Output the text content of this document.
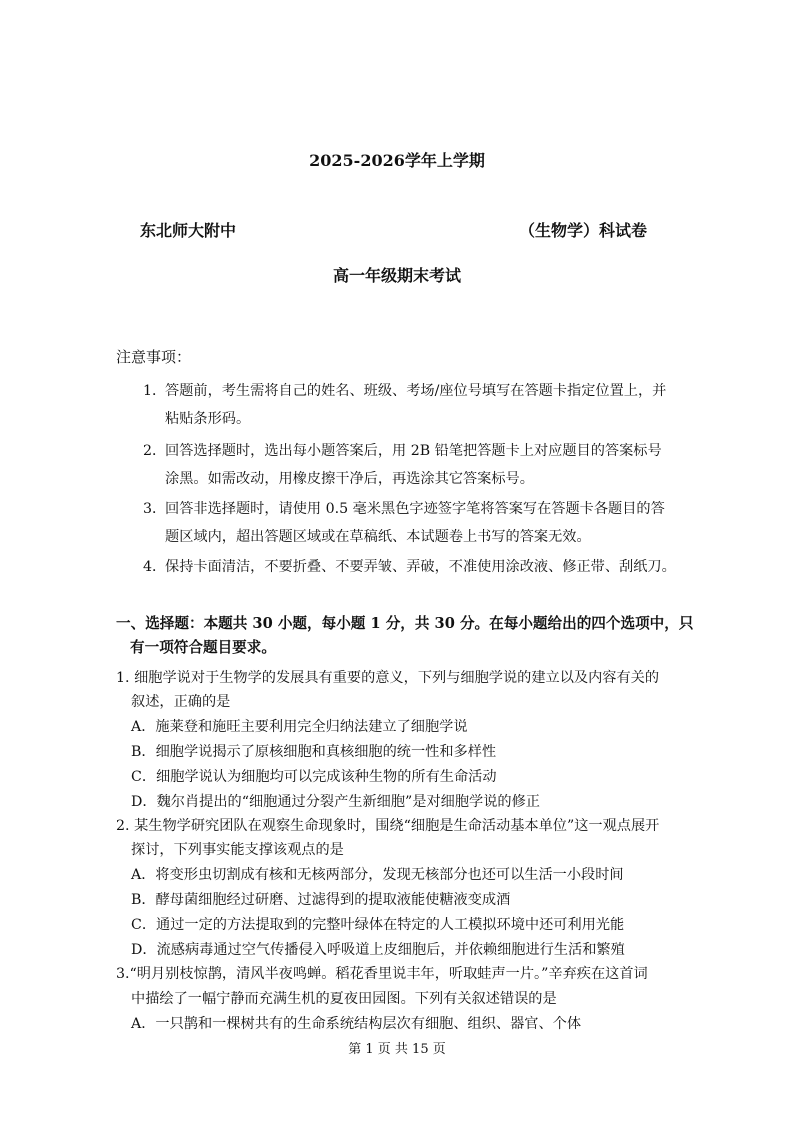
2025-2026学年上学期
东北师大附中	（生物学）科试卷
高一年级期末考试
注意事项：
1．答题前，考生需将自己的姓名、班级、考场/座位号填写在答题卡指定位置上，并
粘贴条形码。
2．回答选择题时，选出每小题答案后，用 2B 铅笔把答题卡上对应题目的答案标号
涂黑。如需改动，用橡皮擦干净后，再选涂其它答案标号。
3．回答非选择题时，请使用 0.5 毫米黑色字迹签字笔将答案写在答题卡各题目的答
题区域内，超出答题区域或在草稿纸、本试题卷上书写的答案无效。
4．保持卡面清洁，不要折叠、不要弄皱、弄破，不准使用涂改液、修正带、刮纸刀。
一、选择题：本题共 30 小题，每小题 1 分，共 30 分。在每小题给出的四个选项中，只
有一项符合题目要求。
1. 细胞学说对于生物学的发展具有重要的意义，下列与细胞学说的建立以及内容有关的
叙述，正确的是
A．施莱登和施旺主要利用完全归纳法建立了细胞学说
B．细胞学说揭示了原核细胞和真核细胞的统一性和多样性
C．细胞学说认为细胞均可以完成该种生物的所有生命活动
D．魏尔肖提出的“细胞通过分裂产生新细胞”是对细胞学说的修正
2. 某生物学研究团队在观察生命现象时，围绕“细胞是生命活动基本单位”这一观点展开
探讨，下列事实能支撑该观点的是
A．将变形虫切割成有核和无核两部分，发现无核部分也还可以生活一小段时间
B．酵母菌细胞经过研磨、过滤得到的提取液能使糖液变成酒
C．通过一定的方法提取到的完整叶绿体在特定的人工模拟环境中还可利用光能
D．流感病毒通过空气传播侵入呼吸道上皮细胞后，并依赖细胞进行生活和繁殖
3.“明月别枝惊鹊，清风半夜鸣蝉。稻花香里说丰年，听取蛙声一片。”辛弃疾在这首词
中描绘了一幅宁静而充满生机的夏夜田园图。下列有关叙述错误的是
A．一只鹊和一棵树共有的生命系统结构层次有细胞、组织、器官、个体
第 1 页 共 15 页
